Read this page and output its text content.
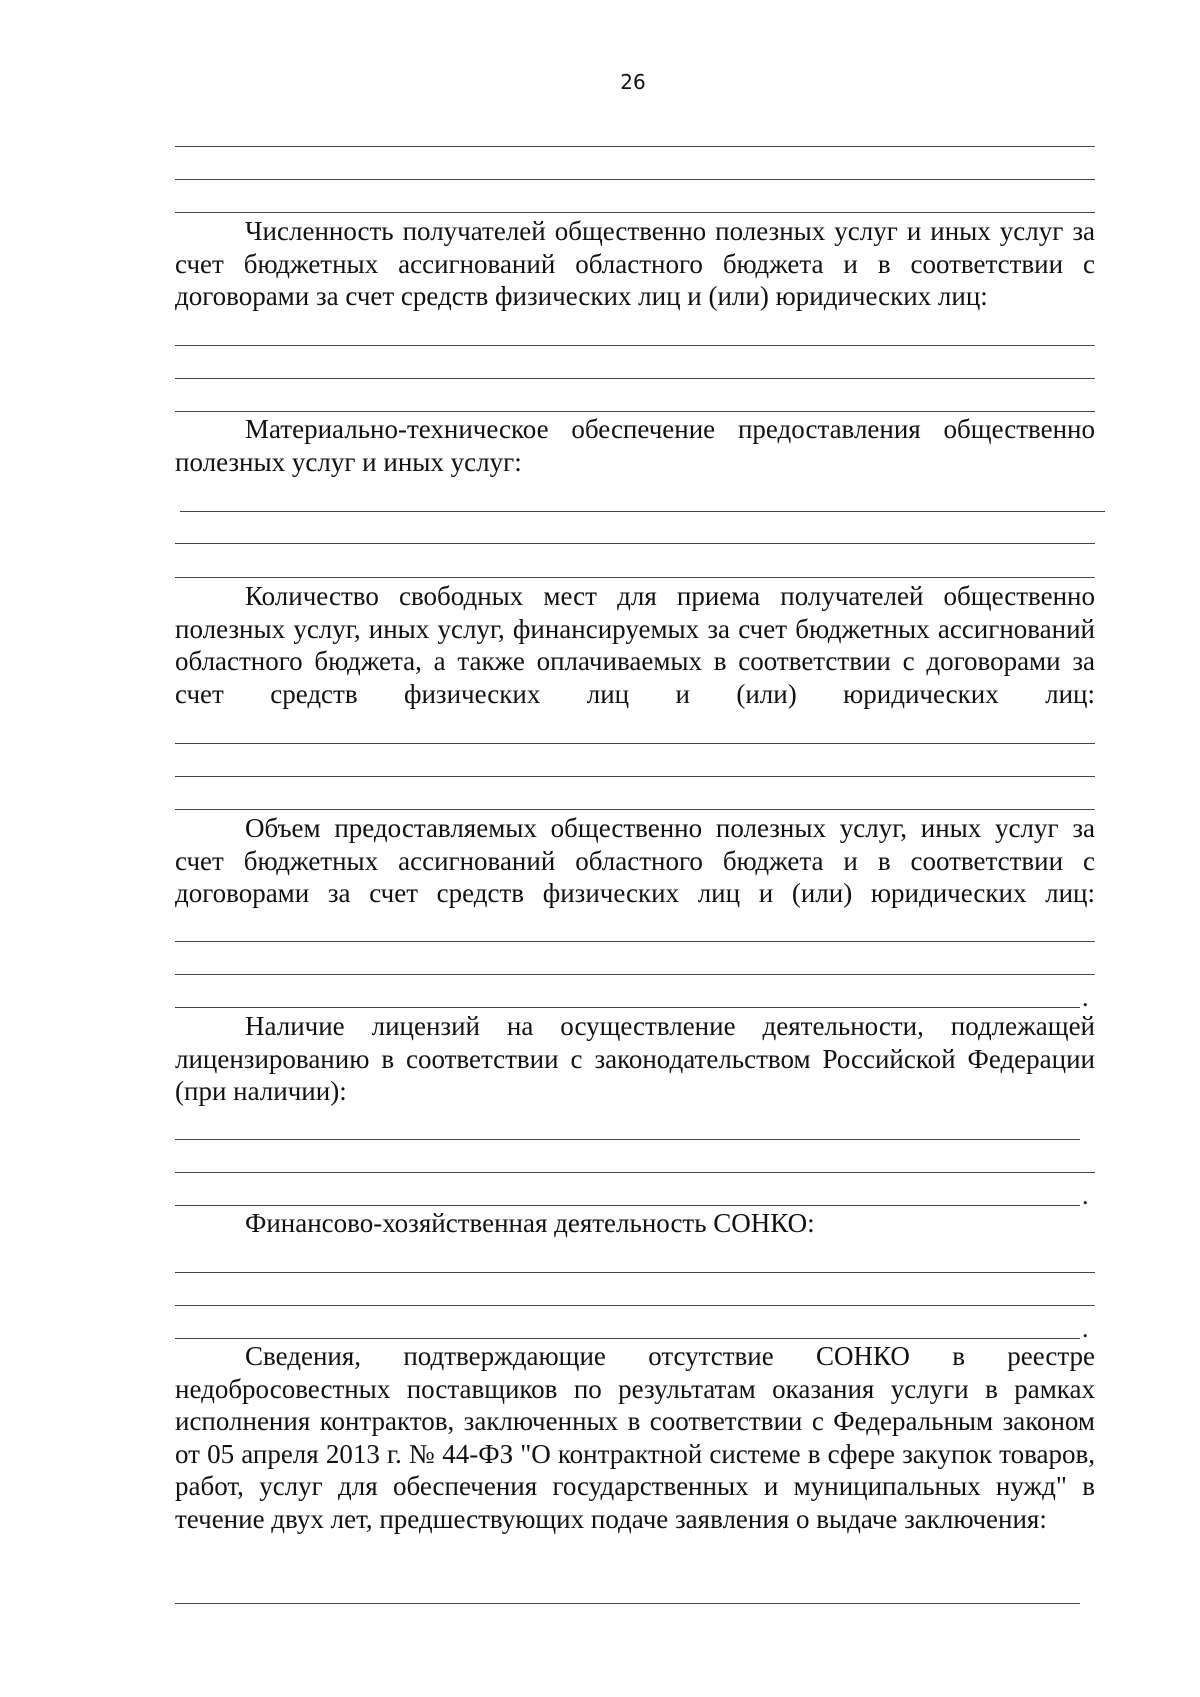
26

Численность получателей общественно полезных услуг и иных услуг за счет бюджетных ассигнований областного бюджета и в соответствии с договорами за счет средств физических лиц и (или) юридических лиц:

Материально-техническое обеспечение предоставления общественно полезных услуг и иных услуг:

Количество свободных мест для приема получателей общественно полезных услуг, иных услуг, финансируемых за счет бюджетных ассигнований областного бюджета, а также оплачиваемых в соответствии с договорами за счет средств физических лиц и (или) юридических лиц:

Объем предоставляемых общественно полезных услуг, иных услуг за счет бюджетных ассигнований областного бюджета и в соответствии с договорами за счет средств физических лиц и (или) юридических лиц:

.

Наличие лицензий на осуществление деятельности, подлежащей лицензированию в соответствии с законодательством Российской Федерации (при наличии):

.

Финансово-хозяйственная деятельность СОНКО:

.

Сведения, подтверждающие отсутствие СОНКО в реестре недобросовестных поставщиков по результатам оказания услуги в рамках исполнения контрактов, заключенных в соответствии с Федеральным законом от 05 апреля 2013 г. № 44-ФЗ "О контрактной системе в сфере закупок товаров, работ, услуг для обеспечения государственных и муниципальных нужд" в течение двух лет, предшествующих подаче заявления о выдаче заключения:
